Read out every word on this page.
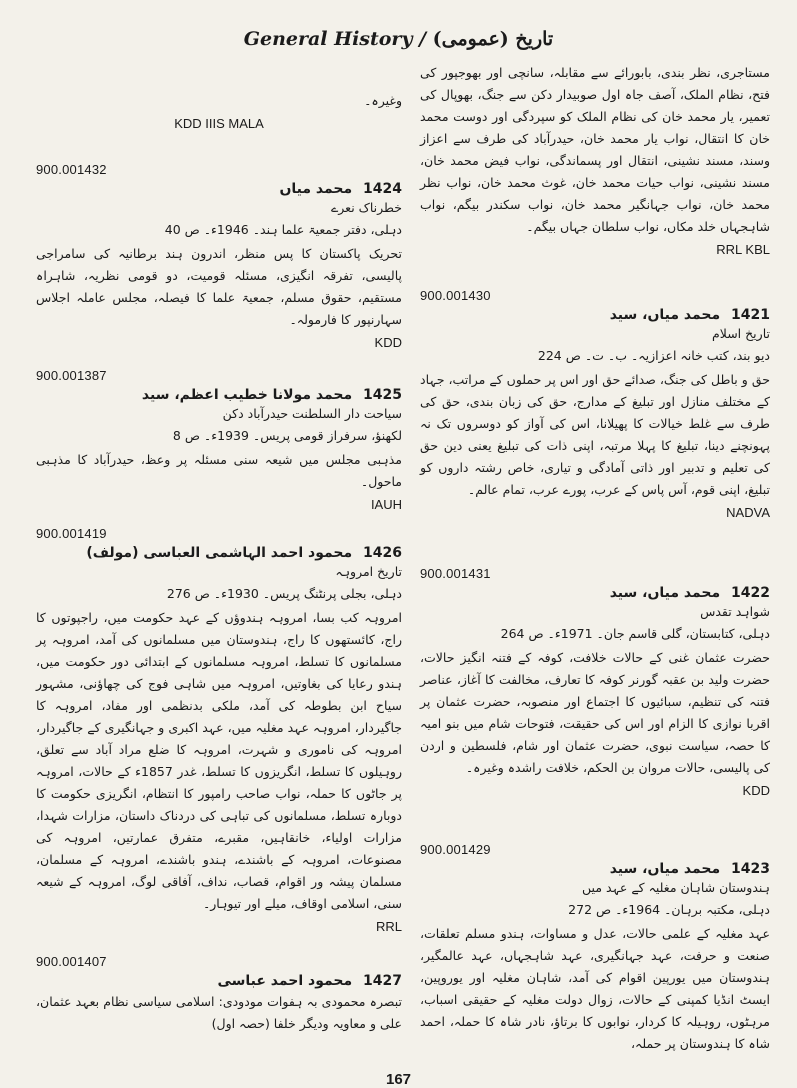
General History / تاریخ (عمومی)
مستاجری، نظر بندی، بابورائے سے مقابلہ، سانچی اور بھوجپور کی فتح، نظام الملک، آصف جاہ اول صوبیدار دکن سے جنگ، بھوپال کی تعمیر، یار محمد خان کی نظام الملک کو سپردگی اور دوست محمد خان کا انتقال، نواب یار محمد خان، حیدرآباد کی طرف سے اعزاز وسند، مسند نشینی، انتقال اور پسماندگی، نواب فیض محمد خان، مسند نشینی، نواب حیات محمد خان، غوث محمد خان، نواب نظر محمد خان، نواب جہانگیر محمد خان، نواب سکندر بیگم، نواب شاہجہاں خلد مکاں، نواب سلطان جہاں بیگم۔
RRL KBL
900.001430
1421 محمد میاں، سید
تاریخ اسلام
دیو بند، کتب خانہ اعزازیہ۔ ب۔ ت۔ ص 224
حق و باطل کی جنگ، صدائے حق اور اس پر حملوں کے مراتب، جہاد کے مختلف منازل اور تبلیغ کے مدارج، حق کی زبان بندی، حق کی طرف سے غلط خیالات کا پھیلانا، اس کی آواز کو دوسروں تک نہ پہونچنے دینا، تبلیغ کا پہلا مرتبہ، اپنی ذات کی تبلیغ یعنی دین حق کی تعلیم و تدبیر اور ذاتی آمادگی و تیاری، خاص رشتہ داروں کو تبلیغ، اپنی قوم، آس پاس کے عرب، پورے عرب، تمام عالم۔
NADVA
900.001431
1422 محمد میاں، سید
شواہد تقدس
دہلی، کتابستان، گلی قاسم جان۔ 1971ء۔ ص 264
حضرت عثمان غنی کے حالات خلافت، کوفہ کے فتنہ انگیز حالات، حضرت ولید بن عقبہ گورنر کوفہ کا تعارف، مخالفت کا آغاز، عناصر فتنہ کی تنظیم، سبائیوں کا اجتماع اور منصوبہ، حضرت عثمان پر اقربا نوازی کا الزام اور اس کی حقیقت، فتوحات شام میں بنو امیہ کا حصہ، سیاست نبوی، حضرت عثمان اور شام، فلسطین و اردن کی پالیسی، حالات مروان بن الحکم، خلافت راشدہ وغیرہ۔
KDD
900.001429
1423 محمد میاں، سید
ہندوستان شاہان مغلیہ کے عہد میں
دہلی، مکتبہ برہان۔ 1964ء۔ ص 272
عہد مغلیہ کے علمی حالات، عدل و مساوات، ہندو مسلم تعلقات، صنعت و حرفت، عہد جہانگیری، عہد شاہجہاں، عہد عالمگیر، ہندوستان میں یورپین اقوام کی آمد، شاہان مغلیہ اور یوروپین، ایسٹ انڈیا کمپنی کے حالات، زوال دولت مغلیہ کے حقیقی اسباب، مرہٹوں، روہیلہ کا کردار، نوابوں کا برتاؤ، نادر شاہ کا حملہ، احمد شاہ کا ہندوستان پر حملہ،
وغیرہ۔
KDD IIIS MALA
900.001432
1424 محمد میاں
خطرناک نعرے
دہلی، دفتر جمعیۃ علما ہند۔ 1946ء۔ ص 40
تحریک پاکستان کا پس منظر، اندرون ہند برطانیہ کی سامراجی پالیسی، تفرقہ انگیزی، مسئلہ قومیت، دو قومی نظریہ، شاہراہ مستقیم، حقوق مسلم، جمعیۃ علما کا فیصلہ، مجلس عاملہ اجلاس سہارنپور کا فارمولہ۔
KDD
900.001387
1425 محمد مولانا خطیب اعظم، سید
سیاحت دار السلطنت حیدرآباد دکن
لکھنؤ، سرفراز قومی پریس۔ 1939ء۔ ص 8
مذہبی مجلس میں شیعہ سنی مسئلہ پر وعظ، حیدرآباد کا مذہبی ماحول۔
IAUH
900.001419
1426 محمود احمد الہاشمی العباسی (مولف)
تاریخ امروہہ
دہلی، بجلی پرنٹنگ پریس۔ 1930ء۔ ص 276
امروہہ کب بسا، امروہہ ہندوؤں کے عہد حکومت میں، راجپوتوں کا راج، کائستھوں کا راج، ہندوستان میں مسلمانوں کی آمد، امروہہ پر مسلمانوں کا تسلط، امروہہ مسلمانوں کے ابتدائی دور حکومت میں، ہندو رعایا کی بغاوتیں، امروہہ میں شاہی فوج کی چھاؤنی، مشہور سیاح ابن بطوطہ کی آمد، ملکی بدنظمی اور مفاد، امروہہ کا جاگیردار، امروہہ عہد مغلیہ میں، عہد اکبری و جہانگیری کے جاگیردار، امروہہ کی ناموری و شہرت، امروہہ کا ضلع مراد آباد سے تعلق، روہیلوں کا تسلط، انگریزوں کا تسلط، غدر 1857ء کے حالات، امروہہ پر جاٹوں کا حملہ، نواب صاحب رامپور کا انتظام، انگریزی حکومت کا دوبارہ تسلط، مسلمانوں کی تباہی کی دردناک داستان، مزارات شہدا، مزارات اولیاء، خانقاہیں، مقبرے، متفرق عمارتیں، امروہہ کی مصنوعات، امروہہ کے باشندے، ہندو باشندے، امروہہ کے مسلمان، مسلمان پیشہ ور اقوام، قصاب، نداف، آفاقی لوگ، امروہہ کے شیعہ سنی، اسلامی اوقاف، میلے اور تیوہار۔
RRL
900.001407
1427 محمود احمد عباسی
تبصرہ محمودی بہ ہفوات مودودی: اسلامی سیاسی نظام بعہد عثمان، علی و معاویہ ودیگر خلفا (حصہ اول)
167
